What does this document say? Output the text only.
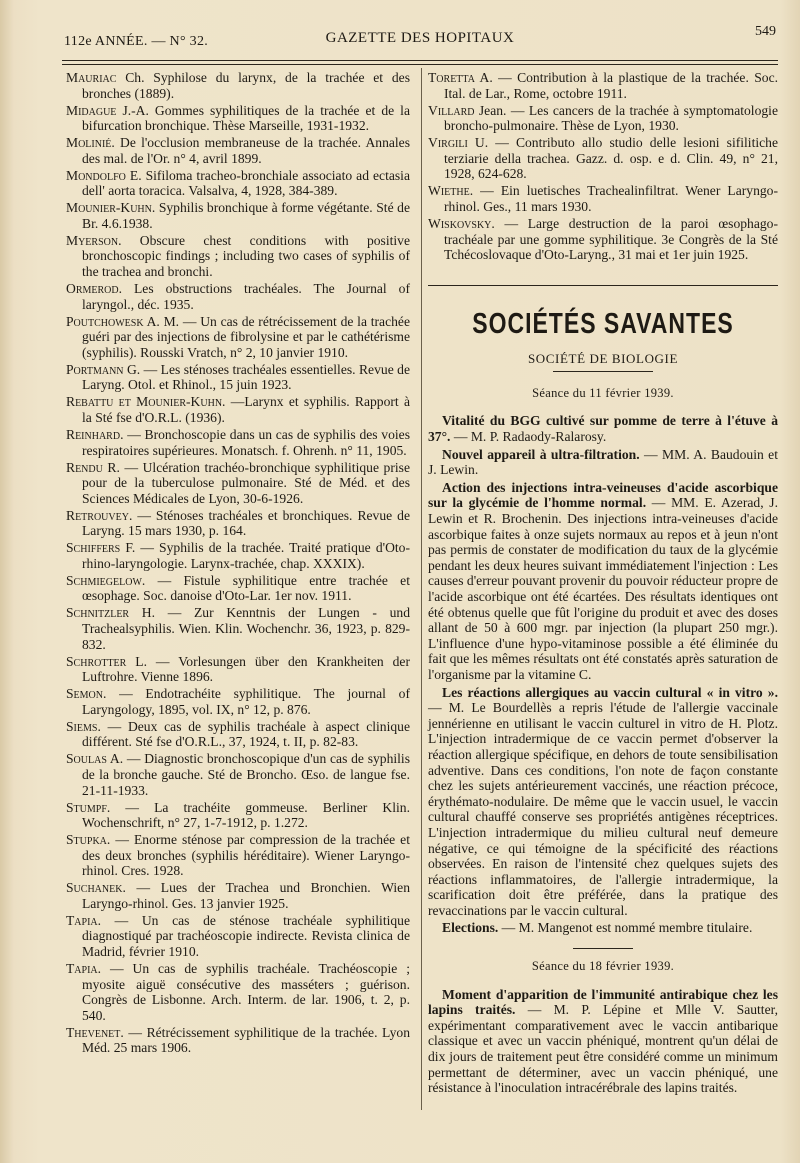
112e ANNÉE. — N° 32.	GAZETTE DES HOPITAUX	549

Mauriac Ch. Syphilose du larynx, de la trachée et des bronches (1889).

Midague J.-A. Gommes syphilitiques de la trachée et de la bifurcation bronchique. Thèse Marseille, 1931-1932.

Molinié. De l'occlusion membraneuse de la trachée. Annales des mal. de l'Or. n° 4, avril 1899.

Mondolfo E. Sifiloma tracheo-bronchiale associato ad ectasia dell' aorta toracica. Valsalva, 4, 1928, 384-389.

Mounier-Kuhn. Syphilis bronchique à forme végétante. Sté de Br. 4.6.1938.

Myerson. Obscure chest conditions with positive bronchoscopic findings ; including two cases of syphilis of the trachea and bronchi.

Ormerod. Les obstructions trachéales. The Journal of laryngol., déc. 1935.

Poutchowesk A. M. — Un cas de rétrécissement de la trachée guéri par des injections de fibrolysine et par le cathétérisme (syphilis). Rousski Vratch, n° 2, 10 janvier 1910.

Portmann G. — Les sténoses trachéales essentielles. Revue de Laryng. Otol. et Rhinol., 15 juin 1923.

Rebattu et Mounier-Kuhn. —Larynx et syphilis. Rapport à la Sté fse d'O.R.L. (1936).

Reinhard. — Bronchoscopie dans un cas de syphilis des voies respiratoires supérieures. Monatsch. f. Ohrenh. n° 11, 1905.

Rendu R. — Ulcération trachéo-bronchique syphilitique prise pour de la tuberculose pulmonaire. Sté de Méd. et des Sciences Médicales de Lyon, 30-6-1926.

Retrouvey. — Sténoses trachéales et bronchiques. Revue de Laryng. 15 mars 1930, p. 164.

Schiffers F. — Syphilis de la trachée. Traité pratique d'Oto-rhino-laryngologie. Larynx-trachée, chap. XXXIX).

Schmiegelow. — Fistule syphilitique entre trachée et œsophage. Soc. danoise d'Oto-Lar. 1er nov. 1911.

Schnitzler H. — Zur Kenntnis der Lungen - und Trachealsyphilis. Wien. Klin. Wochenchr. 36, 1923, p. 829-832.

Schrotter L. — Vorlesungen über den Krankheiten der Luftrohre. Vienne 1896.

Semon. — Endotrachéite syphilitique. The journal of Laryngology, 1895, vol. IX, n° 12, p. 876.

Siems. — Deux cas de syphilis trachéale à aspect clinique différent. Sté fse d'O.R.L., 37, 1924, t. II, p. 82-83.

Soulas A. — Diagnostic bronchoscopique d'un cas de syphilis de la bronche gauche. Sté de Broncho. Œso. de langue fse. 21-11-1933.

Stumpf. — La trachéite gommeuse. Berliner Klin. Wochenschrift, n° 27, 1-7-1912, p. 1.272.

Stupka. — Enorme sténose par compression de la trachée et des deux bronches (syphilis héréditaire). Wiener Laryngo-rhinol. Cres. 1928.

Suchanek. — Lues der Trachea und Bronchien. Wien Laryngo-rhinol. Ges. 13 janvier 1925.

Tapia. — Un cas de sténose trachéale syphilitique diagnostiqué par trachéoscopie indirecte. Revista clinica de Madrid, février 1910.

Tapia. — Un cas de syphilis trachéale. Trachéoscopie ; myosite aiguë consécutive des masséters ; guérison. Congrès de Lisbonne. Arch. Interm. de lar. 1906, t. 2, p. 540.

Thevenet. — Rétrécissement syphilitique de la trachée. Lyon Méd. 25 mars 1906.

Toretta A. — Contribution à la plastique de la trachée. Soc. Ital. de Lar., Rome, octobre 1911.

Villard Jean. — Les cancers de la trachée à symptomatologie broncho-pulmonaire. Thèse de Lyon, 1930.

Virgili U. — Contributo allo studio delle lesioni sifilitiche terziarie della trachea. Gazz. d. osp. e d. Clin. 49, n° 21, 1928, 624-628.

Wiethe. — Ein luetisches Trachealinfiltrat. Wener Laryngo-rhinol. Ges., 11 mars 1930.

Wiskovsky. — Large destruction de la paroi œsophago-trachéale par une gomme syphilitique. 3e Congrès de la Sté Tchécoslovaque d'Oto-Laryng., 31 mai et 1er juin 1925.

SOCIÉTÉS SAVANTES
SOCIÉTÉ DE BIOLOGIE
Séance du 11 février 1939.

Vitalité du BGG cultivé sur pomme de terre à l'étuve à 37°. — M. P. Radaody-Ralarosy.

Nouvel appareil à ultra-filtration. — MM. A. Baudouin et J. Lewin.

Action des injections intra-veineuses d'acide ascorbique sur la glycémie de l'homme normal. — MM. E. Azerad, J. Lewin et R. Brochenin. Des injections intra-veineuses d'acide ascorbique faites à onze sujets normaux au repos et à jeun n'ont pas permis de constater de modification du taux de la glycémie pendant les deux heures suivant immédiatement l'injection : Les causes d'erreur pouvant provenir du pouvoir réducteur propre de l'acide ascorbique ont été écartées. Des résultats identiques ont été obtenus quelle que fût l'origine du produit et avec des doses allant de 50 à 600 mgr. par injection (la plupart 250 mgr.). L'influence d'une hypo-vitaminose possible a été éliminée du fait que les mêmes résultats ont été constatés après saturation de l'organisme par la vitamine C.

Les réactions allergiques au vaccin cultural « in vitro ». — M. Le Bourdellès a repris l'étude de l'allergie vaccinale jennérienne en utilisant le vaccin culturel in vitro de H. Plotz. L'injection intradermique de ce vaccin permet d'observer la réaction allergique spécifique, en dehors de toute sensibilisation adventive. Dans ces conditions, l'on note de façon constante chez les sujets antérieurement vaccinés, une réaction précoce, érythémato-nodulaire. De même que le vaccin usuel, le vaccin cultural chauffé conserve ses propriétés antigènes réceptrices. L'injection intradermique du milieu cultural neuf demeure négative, ce qui témoigne de la spécificité des réactions observées. En raison de l'intensité chez quelques sujets des réactions inflammatoires, de l'allergie intradermique, la scarification doit être préférée, dans la pratique des revaccinations par le vaccin cultural.

Elections. — M. Mangenot est nommé membre titulaire.

Séance du 18 février 1939.

Moment d'apparition de l'immunité antirabique chez les lapins traités. — M. P. Lépine et Mlle V. Sautter, expérimentant comparativement avec le vaccin antibarique classique et avec un vaccin phéniqué, montrent qu'un délai de dix jours de traitement peut être considéré comme un minimum permettant de déterminer, avec un vaccin phéniqué, une résistance à l'inoculation intracérébrale des lapins traités.
